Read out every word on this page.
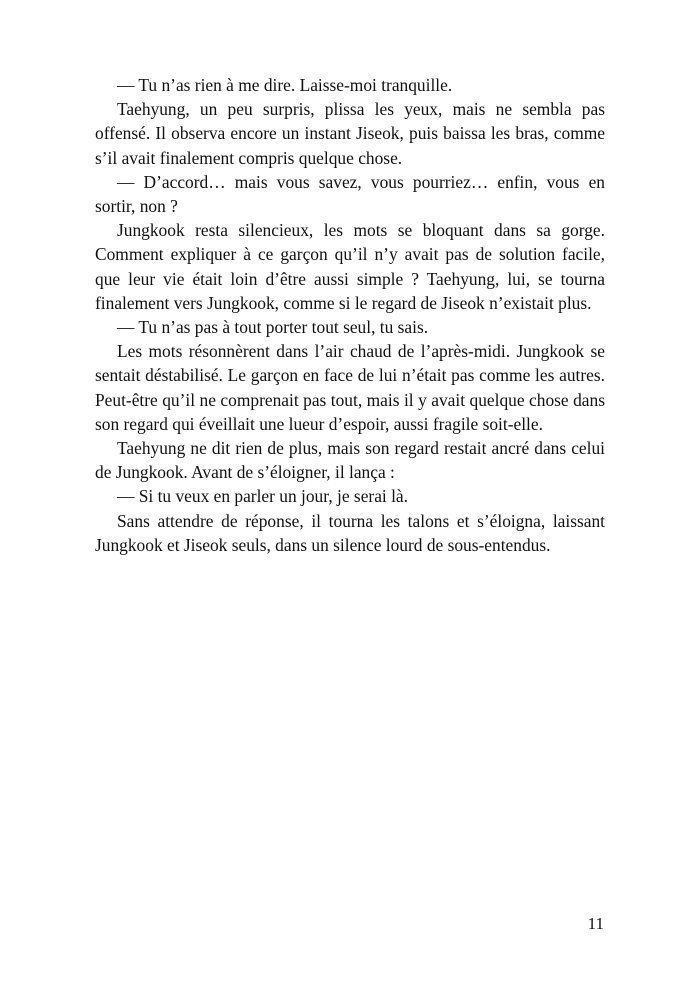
— Tu n’as rien à me dire. Laisse-moi tranquille.

Taehyung, un peu surpris, plissa les yeux, mais ne sembla pas offensé. Il observa encore un instant Jiseok, puis baissa les bras, comme s’il avait finalement compris quelque chose.

— D’accord… mais vous savez, vous pourriez… enfin, vous en sortir, non ?

Jungkook resta silencieux, les mots se bloquant dans sa gorge. Comment expliquer à ce garçon qu’il n’y avait pas de solution facile, que leur vie était loin d’être aussi simple ? Taehyung, lui, se tourna finalement vers Jungkook, comme si le regard de Jiseok n’existait plus.

— Tu n’as pas à tout porter tout seul, tu sais.

Les mots résonnèrent dans l’air chaud de l’après-midi. Jungkook se sentait déstabilisé. Le garçon en face de lui n’était pas comme les autres. Peut-être qu’il ne comprenait pas tout, mais il y avait quelque chose dans son regard qui éveillait une lueur d’espoir, aussi fragile soit-elle.

Taehyung ne dit rien de plus, mais son regard restait ancré dans celui de Jungkook. Avant de s’éloigner, il lança :

— Si tu veux en parler un jour, je serai là.

Sans attendre de réponse, il tourna les talons et s’éloigna, laissant Jungkook et Jiseok seuls, dans un silence lourd de sous-entendus.

11
